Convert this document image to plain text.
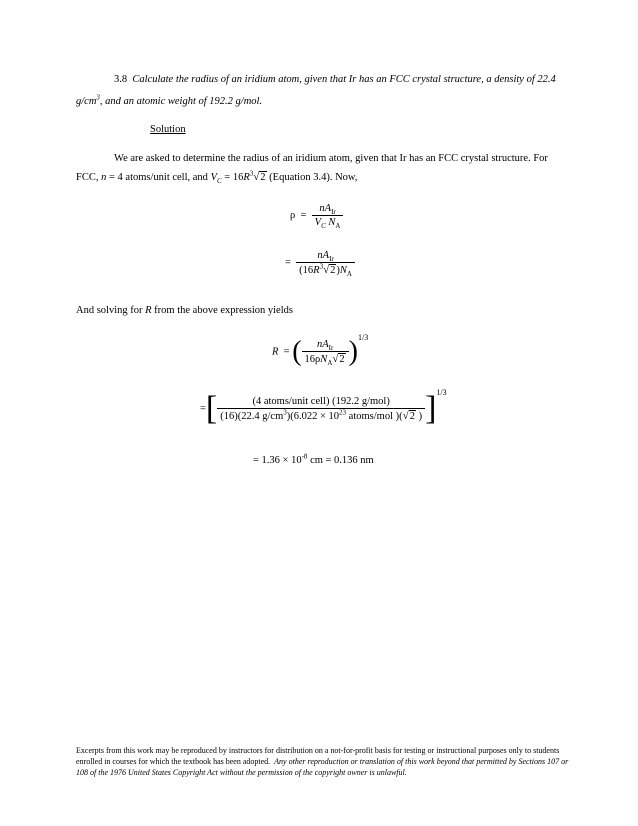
3.8 Calculate the radius of an iridium atom, given that Ir has an FCC crystal structure, a density of 22.4
$g/cm^3$, and an atomic weight of 192.2 g/mol.
Solution
We are asked to determine the radius of an iridium atom, given that Ir has an FCC crystal structure. For
FCC, n = 4 atoms/unit cell, and $V_C = 16R^3√2$ (Equation 3.4). Now,
$\rho = \frac{nA_{Ir}}{V_C N_A}$
= $\frac{nA_{Ir}}{(16R^3√2)N_A}$
And solving for R from the above expression yields
R = ( $\frac{nA_{Ir}}{16\rho N_A√2} )^{1/3}$
=[ $\frac{\text{(4 atoms/unit cell) (192.2 g/mol)}}{(16)(22.4 g/cm^3)(6.022 \times 10^{23} atoms/mol )(√2 )} ]^{1/3}$
= $1.36 \times 10^{-8}$ cm = 0.136 nm
Excerpts from this work may be reproduced by instructors for distribution on a not-for-profit basis for testing or instructional purposes only to students enrolled in courses for which the textbook has been adopted. Any other reproduction or translation of this work beyond that permitted by Sections 107 or 108 of the 1976 United States Copyright Act without the permission of the copyright owner is unlawful.
